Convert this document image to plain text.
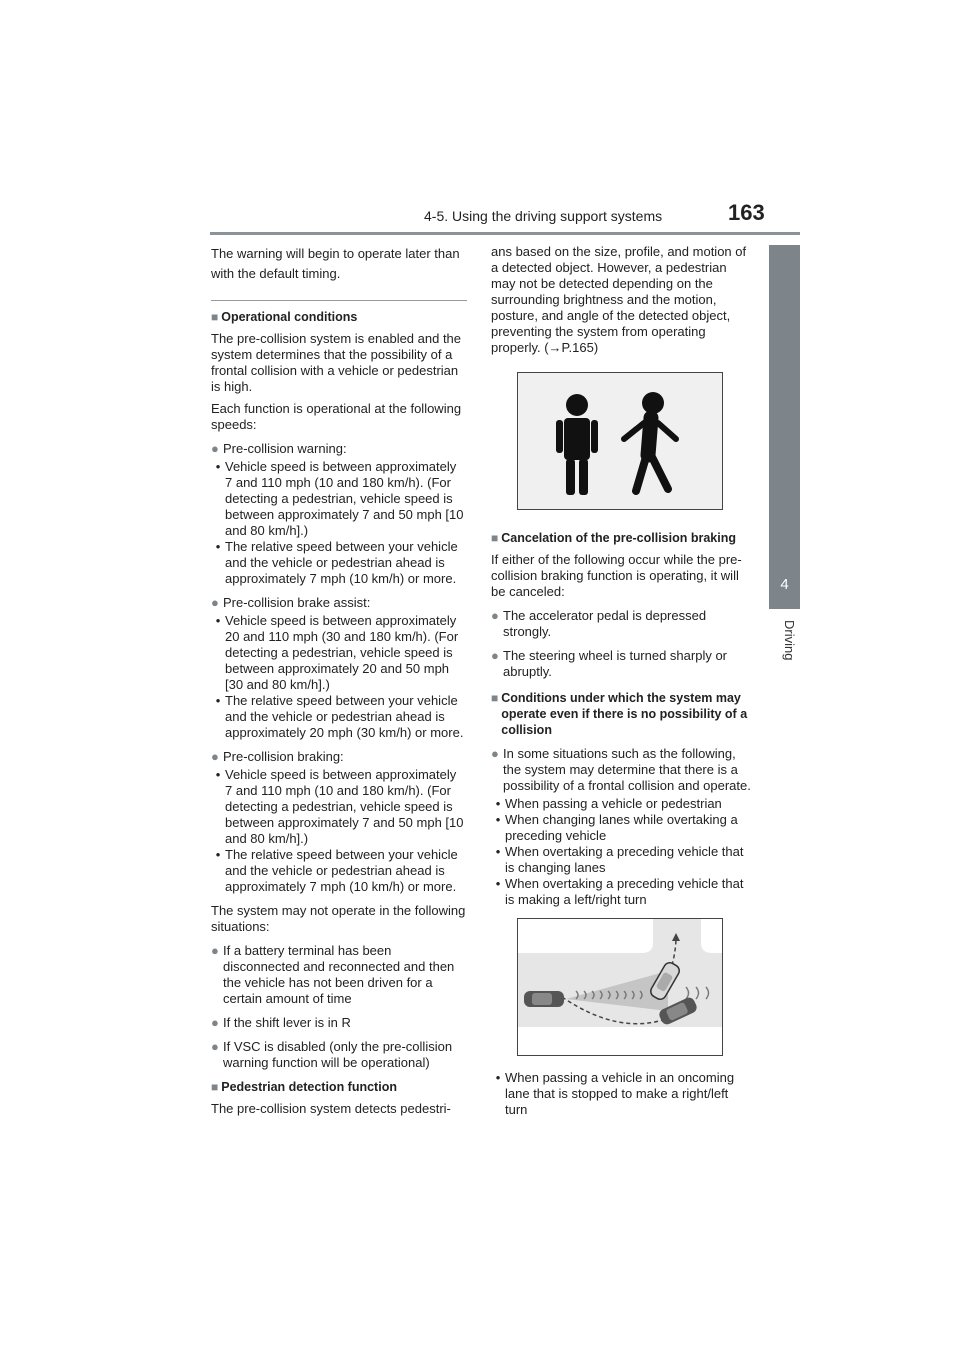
4-5. Using the driving support systems	163
4
Driving

The warning will begin to operate later than with the default timing.

■ Operational conditions

The pre-collision system is enabled and the system determines that the possibility of a frontal collision with a vehicle or pedestrian is high.

Each function is operational at the following speeds:

● Pre-collision warning:
• Vehicle speed is between approximately 7 and 110 mph (10 and 180 km/h). (For detecting a pedestrian, vehicle speed is between approximately 7 and 50 mph [10 and 80 km/h].)
• The relative speed between your vehicle and the vehicle or pedestrian ahead is approximately 7 mph (10 km/h) or more.
● Pre-collision brake assist:
• Vehicle speed is between approximately 20 and 110 mph (30 and 180 km/h). (For detecting a pedestrian, vehicle speed is between approximately 20 and 50 mph [30 and 80 km/h].)
• The relative speed between your vehicle and the vehicle or pedestrian ahead is approximately 20 mph (30 km/h) or more.
● Pre-collision braking:
• Vehicle speed is between approximately 7 and 110 mph (10 and 180 km/h). (For detecting a pedestrian, vehicle speed is between approximately 7 and 50 mph [10 and 80 km/h].)
• The relative speed between your vehicle and the vehicle or pedestrian ahead is approximately 7 mph (10 km/h) or more.

The system may not operate in the following situations:

● If a battery terminal has been disconnected and reconnected and then the vehicle has not been driven for a certain amount of time
● If the shift lever is in R
● If VSC is disabled (only the pre-collision warning function will be operational)
■ Pedestrian detection function

The pre-collision system detects pedestri-

ans based on the size, profile, and motion of a detected object. However, a pedestrian may not be detected depending on the surrounding brightness and the motion, posture, and angle of the detected object, preventing the system from operating properly. (→P.165)

■ Cancelation of the pre-collision braking

If either of the following occur while the pre-collision braking function is operating, it will be canceled:

● The accelerator pedal is depressed strongly.
● The steering wheel is turned sharply or abruptly.
■ Conditions under which the system may operate even if there is no possibility of a collision
● In some situations such as the following, the system may determine that there is a possibility of a frontal collision and operate.
• When passing a vehicle or pedestrian
• When changing lanes while overtaking a preceding vehicle
• When overtaking a preceding vehicle that is changing lanes
• When overtaking a preceding vehicle that is making a left/right turn
• When passing a vehicle in an oncoming lane that is stopped to make a right/left turn
